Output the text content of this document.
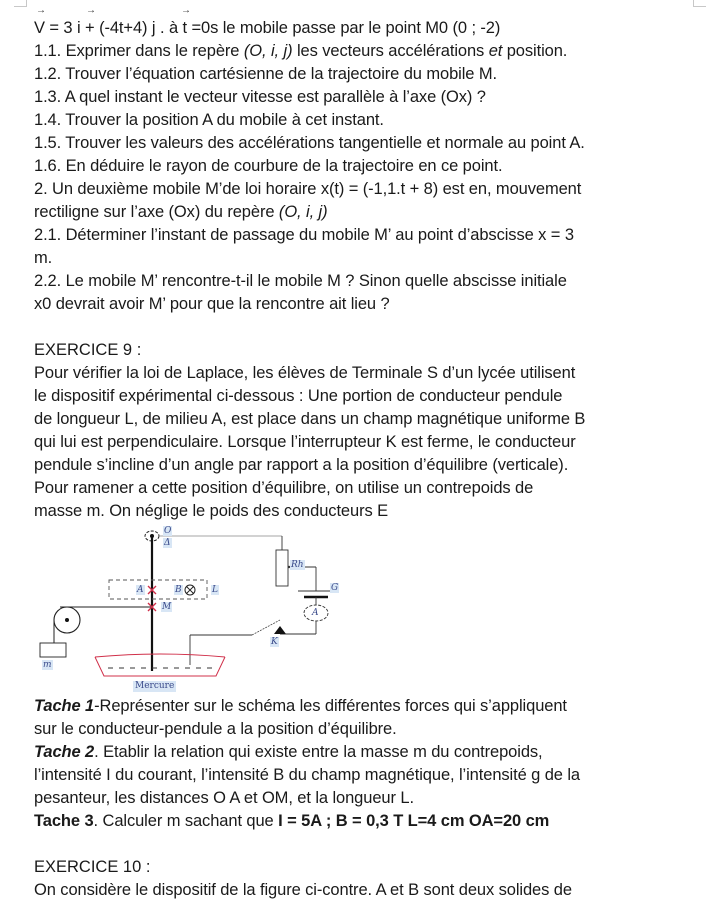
→	→	→
V = 3 i + (-4t+4) j . à t =0s le mobile passe par le point M0 (0 ; -2)
1.1. Exprimer dans le repère (O, i, j) les vecteurs accélérations et position.
1.2. Trouver l’équation cartésienne de la trajectoire du mobile M.
1.3. A quel instant le vecteur vitesse est parallèle à l’axe (Ox) ?
1.4. Trouver la position A du mobile à cet instant.
1.5. Trouver les valeurs des accélérations tangentielle et normale au point A.
1.6. En déduire le rayon de courbure de la trajectoire en ce point.
2. Un deuxième mobile M’de loi horaire x(t) = (-1,1.t + 8) est en, mouvement
rectiligne sur l’axe (Ox) du repère (O, i, j)
2.1. Déterminer l’instant de passage du mobile M’ au point d’abscisse x = 3
m.
2.2. Le mobile M’ rencontre-t-il le mobile M ? Sinon quelle abscisse initiale
x0 devrait avoir M’ pour que la rencontre ait lieu ?
EXERCICE 9 :
Pour vérifier la loi de Laplace, les élèves de Terminale S d’un lycée utilisent
le dispositif expérimental ci-dessous : Une portion de conducteur pendule
de longueur L, de milieu A, est place dans un champ magnétique uniforme B
qui lui est perpendiculaire. Lorsque l’interrupteur K est ferme, le conducteur
pendule s’incline d’un angle par rapport a la position d’équilibre (verticale).
Pour ramener a cette position d’équilibre, on utilise un contrepoids de
masse m. On néglige le poids des conducteurs E
O
Δ
A	B	L
M
m
Rh
G
A
K
Mercure
Tache 1-Représenter sur le schéma les différentes forces qui s’appliquent
sur le conducteur-pendule a la position d’équilibre.
Tache 2. Etablir la relation qui existe entre la masse m du contrepoids,
l’intensité I du courant, l’intensité B du champ magnétique, l’intensité g de la
pesanteur, les distances O A et OM, et la longueur L.
Tache 3. Calculer m sachant que I = 5A ; B = 0,3 T L=4 cm OA=20 cm
EXERCICE 10 :
On considère le dispositif de la figure ci-contre. A et B sont deux solides de
